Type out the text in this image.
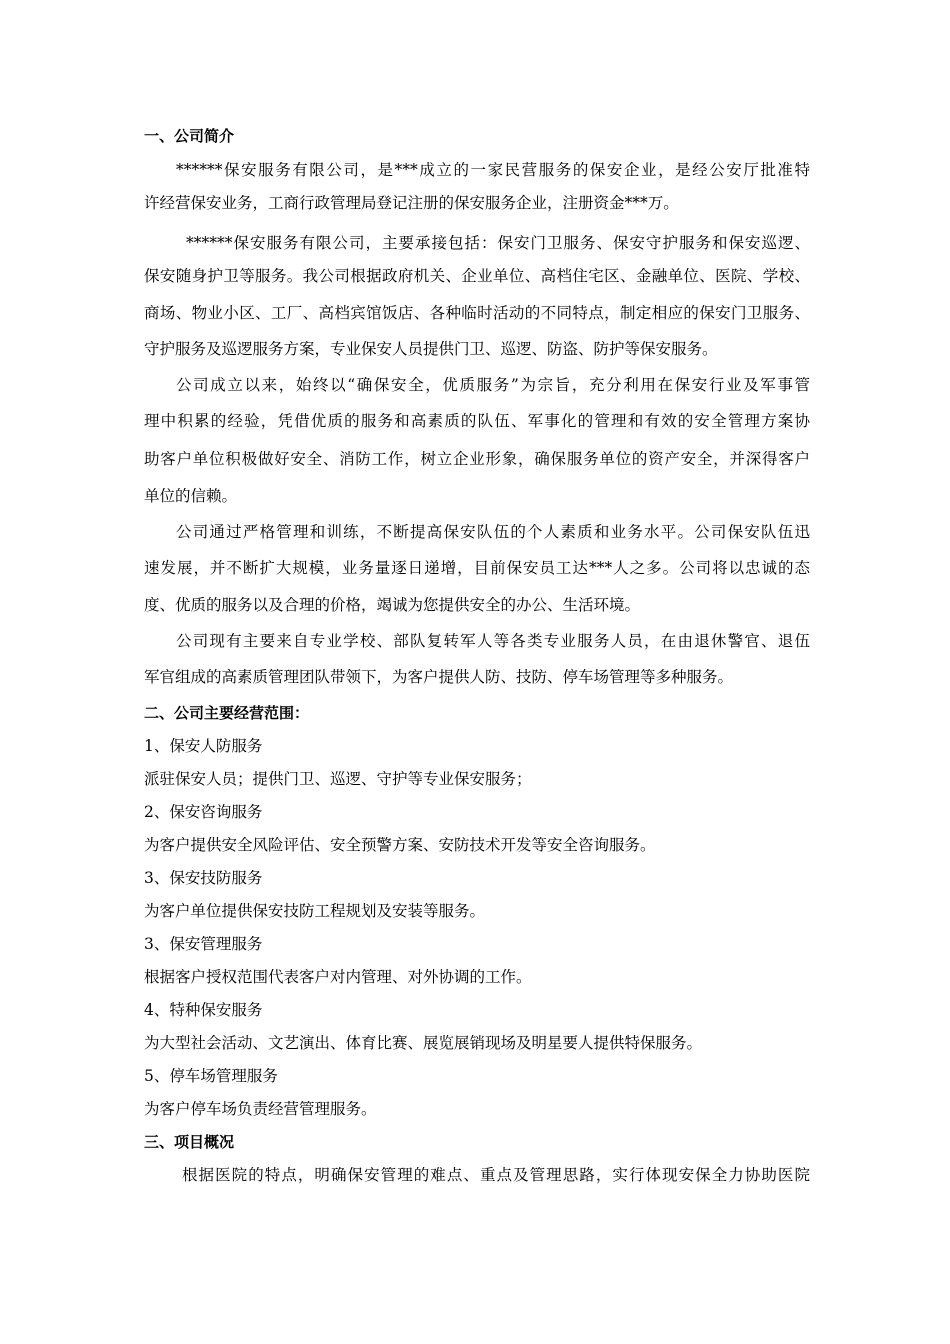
一、公司简介
******保安服务有限公司，是***成立的一家民营服务的保安企业，是经公安厅批准特
许经营保安业务，工商行政管理局登记注册的保安服务企业，注册资金***万。
******保安服务有限公司，主要承接包括：保安门卫服务、保安守护服务和保安巡逻、
保安随身护卫等服务。我公司根据政府机关、企业单位、高档住宅区、金融单位、医院、学校、
商场、物业小区、工厂、高档宾馆饭店、各种临时活动的不同特点，制定相应的保安门卫服务、
守护服务及巡逻服务方案，专业保安人员提供门卫、巡逻、防盗、防护等保安服务。
公司成立以来，始终以“确保安全，优质服务”为宗旨，充分利用在保安行业及军事管
理中积累的经验，凭借优质的服务和高素质的队伍、军事化的管理和有效的安全管理方案协
助客户单位积极做好安全、消防工作，树立企业形象，确保服务单位的资产安全，并深得客户
单位的信赖。
公司通过严格管理和训练，不断提高保安队伍的个人素质和业务水平。公司保安队伍迅
速发展，并不断扩大规模，业务量逐日递增，目前保安员工达***人之多。公司将以忠诚的态
度、优质的服务以及合理的价格，竭诚为您提供安全的办公、生活环境。
公司现有主要来自专业学校、部队复转军人等各类专业服务人员，在由退休警官、退伍
军官组成的高素质管理团队带领下，为客户提供人防、技防、停车场管理等多种服务。
二、公司主要经营范围：
1、保安人防服务
派驻保安人员；提供门卫、巡逻、守护等专业保安服务；
2、保安咨询服务
为客户提供安全风险评估、安全预警方案、安防技术开发等安全咨询服务。
3、保安技防服务
为客户单位提供保安技防工程规划及安装等服务。
3、保安管理服务
根据客户授权范围代表客户对内管理、对外协调的工作。
4、特种保安服务
为大型社会活动、文艺演出、体育比赛、展览展销现场及明星要人提供特保服务。
5、停车场管理服务
为客户停车场负责经营管理服务。
三、项目概况
根据医院的特点，明确保安管理的难点、重点及管理思路，实行体现安保全力协助医院
